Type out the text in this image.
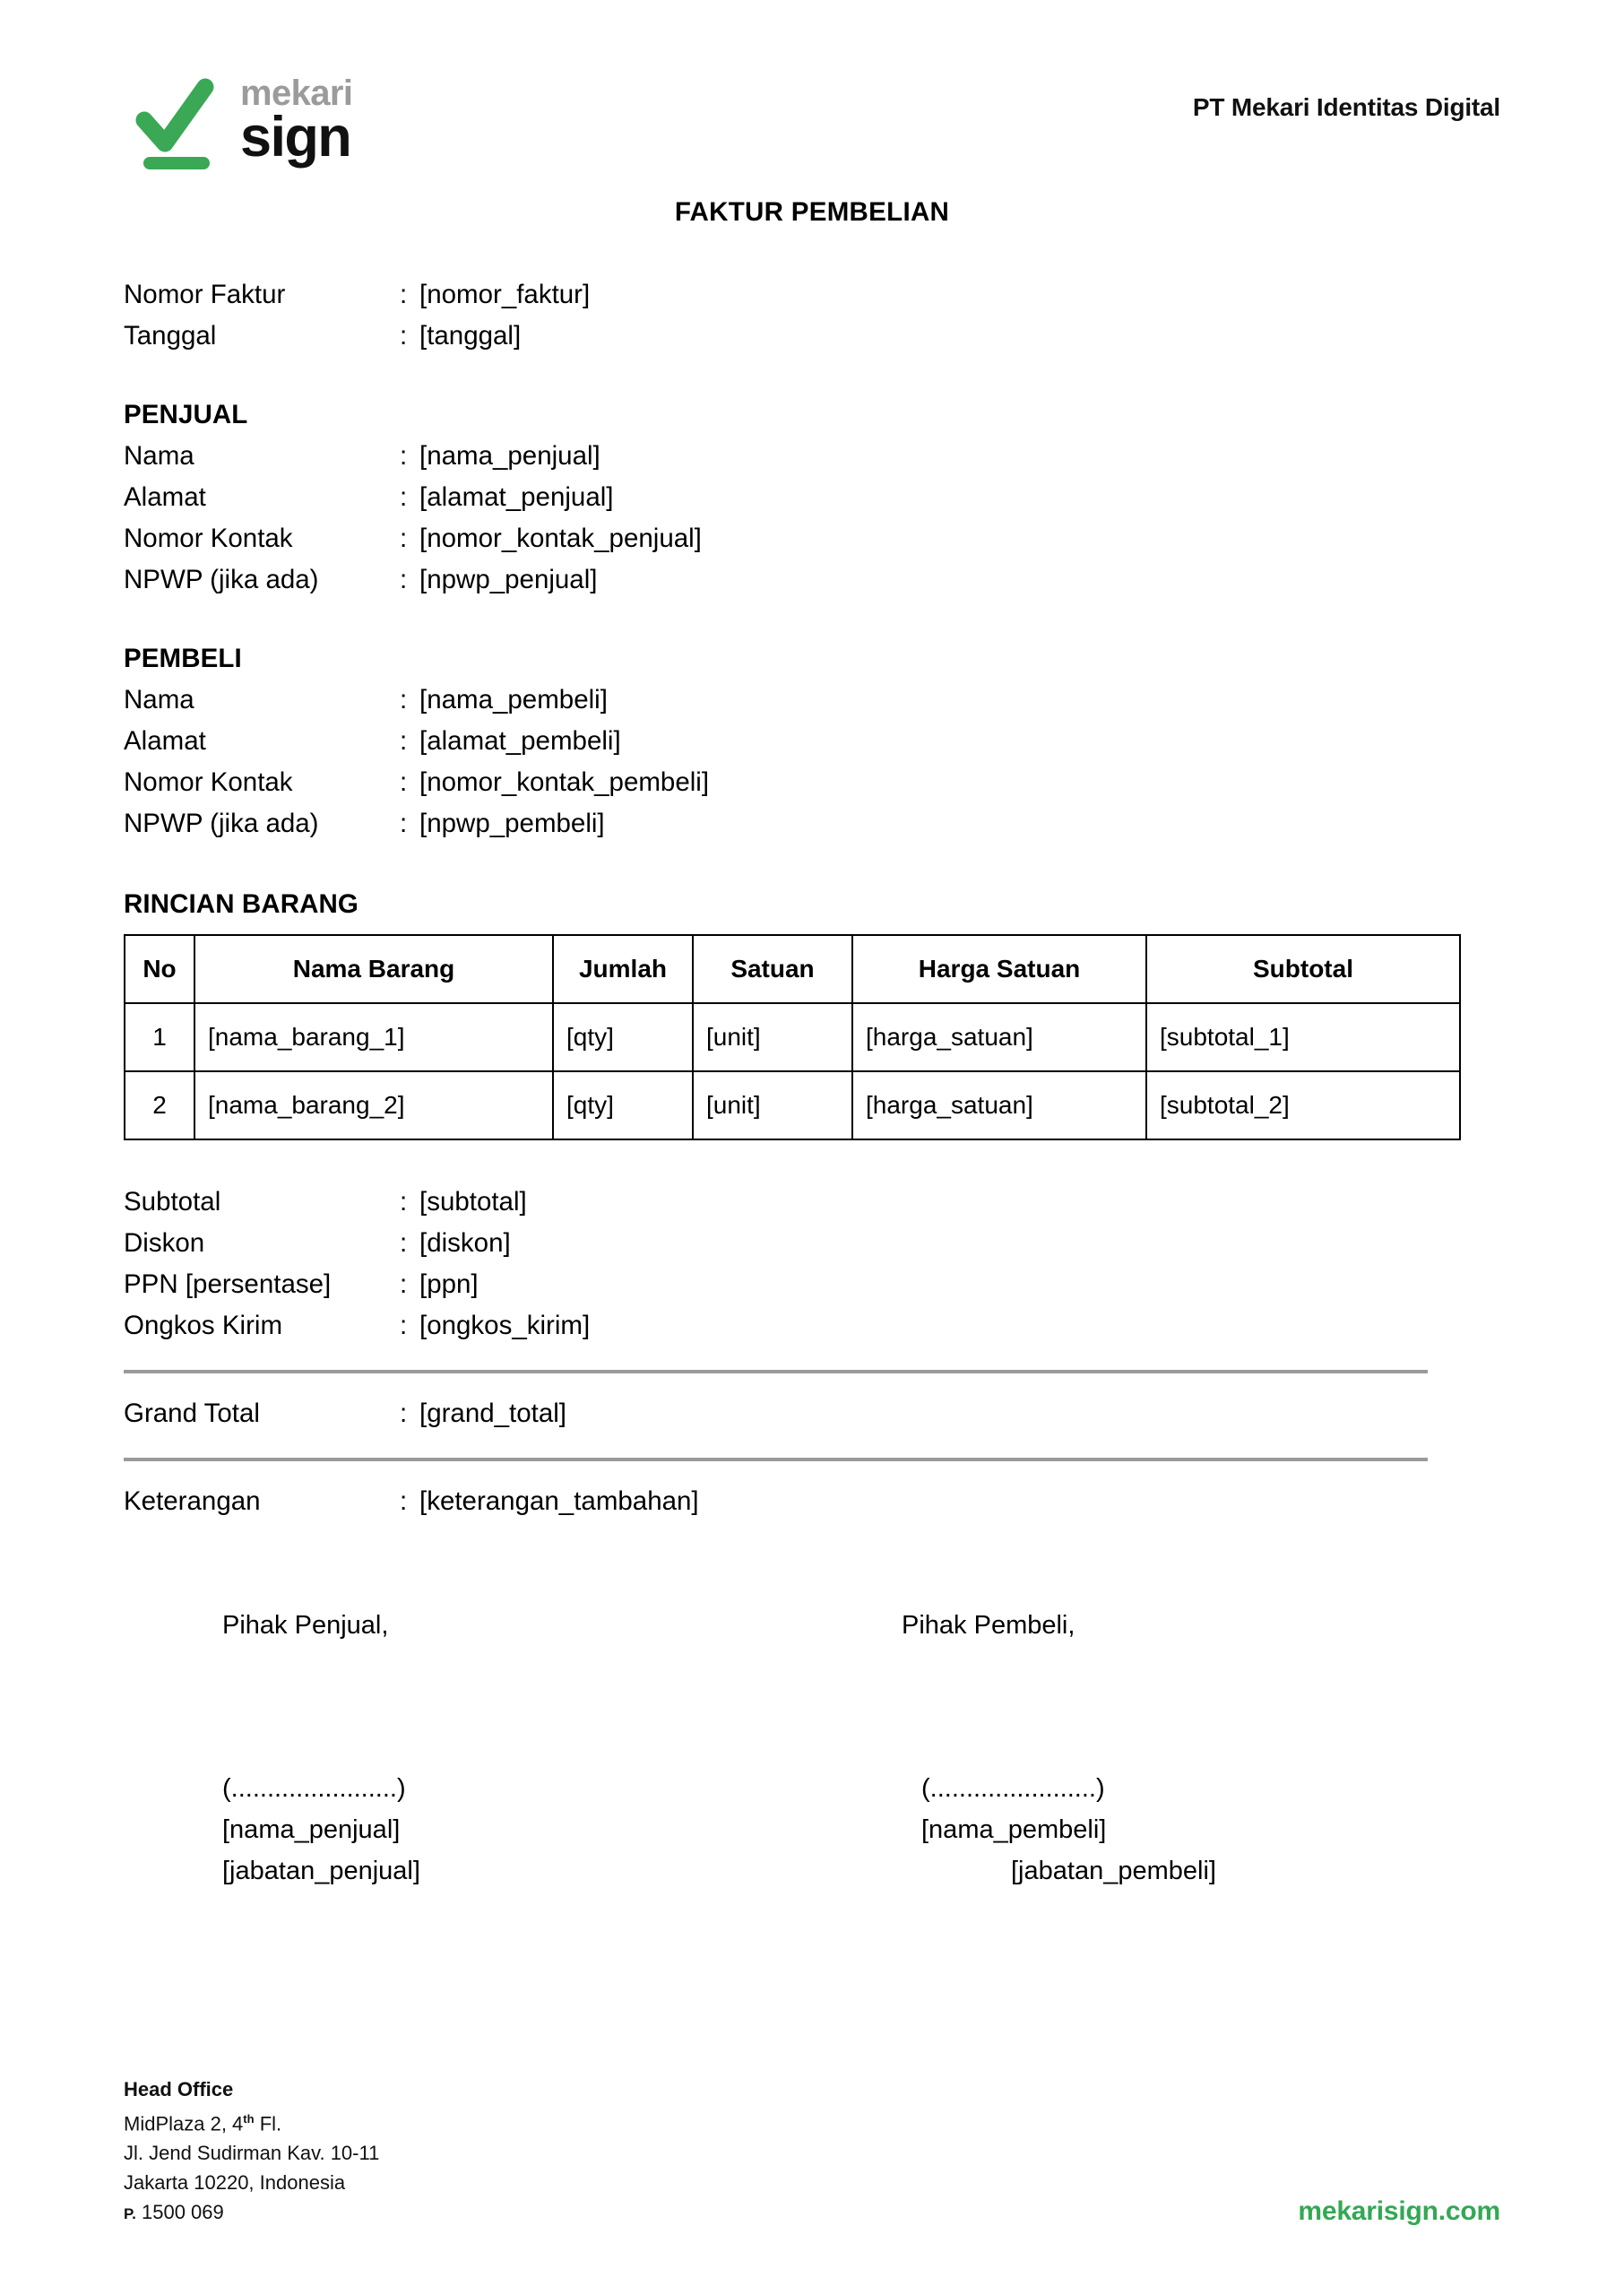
mekari
sign	PT Mekari Identitas Digital
FAKTUR PEMBELIAN
Nomor Faktur	: [nomor_faktur]
Tanggal	: [tanggal]
PENJUAL
Nama	: [nama_penjual]
Alamat	: [alamat_penjual]
Nomor Kontak	: [nomor_kontak_penjual]
NPWP (jika ada)	: [npwp_penjual]
PEMBELI
Nama	: [nama_pembeli]
Alamat	: [alamat_pembeli]
Nomor Kontak	: [nomor_kontak_pembeli]
NPWP (jika ada)	: [npwp_pembeli]
RINCIAN BARANG
No	Nama Barang	Jumlah	Satuan	Harga Satuan	Subtotal
1	[nama_barang_1]	[qty]	[unit]	[harga_satuan]	[subtotal_1]
2	[nama_barang_2]	[qty]	[unit]	[harga_satuan]	[subtotal_2]
Subtotal	: [subtotal]
Diskon	: [diskon]
PPN [persentase]	: [ppn]
Ongkos Kirim	: [ongkos_kirim]
Grand Total	: [grand_total]
Keterangan	: [keterangan_tambahan]
Pihak Penjual,
(.......................)
[nama_penjual]
[jabatan_penjual]
Pihak Pembeli,
(.......................)
[nama_pembeli]
[jabatan_pembeli]
Head Office
MidPlaza 2, 4th Fl.
Jl. Jend Sudirman Kav. 10-11
Jakarta 10220, Indonesia
P. 1500 069	mekarisign.com
